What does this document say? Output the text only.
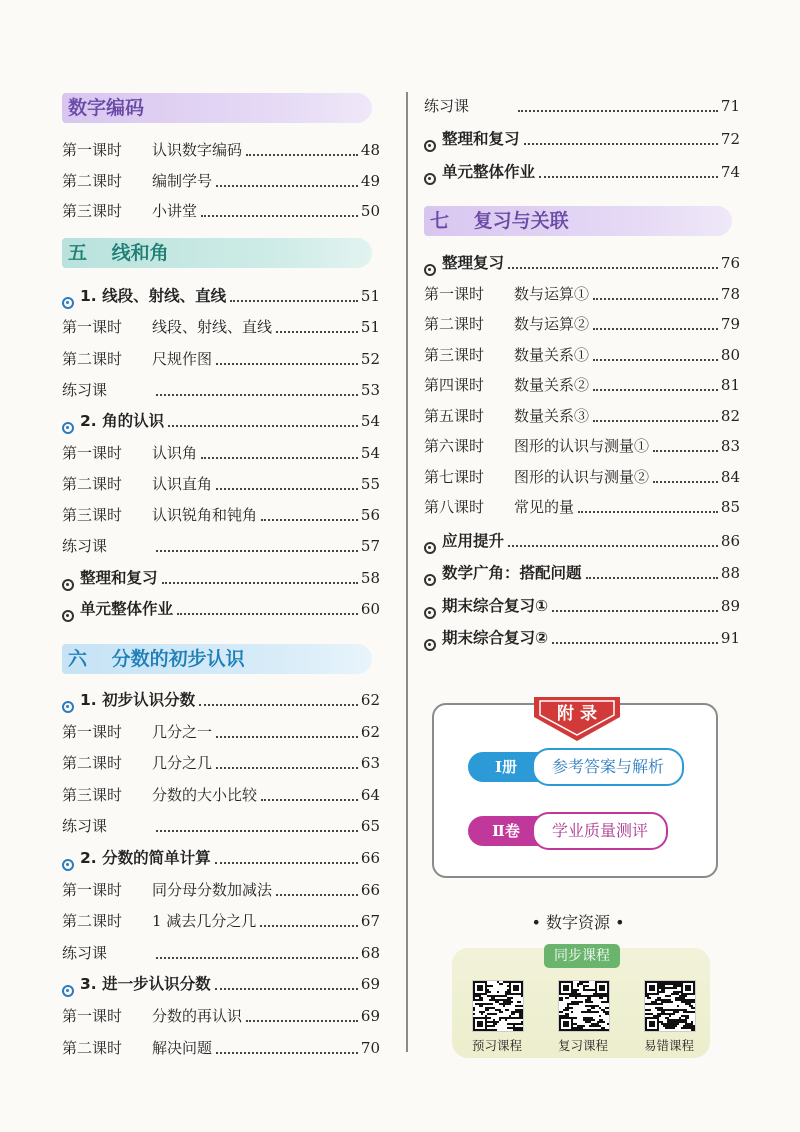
数字编码
第一课时	认识数字编码	48
第二课时	编制学号	49
第三课时	小讲堂	50
五 线和角
1. 线段、射线、直线	51
第一课时	线段、射线、直线	51
第二课时	尺规作图	52
练习课	53
2. 角的认识	54
第一课时	认识角	54
第二课时	认识直角	55
第三课时	认识锐角和钝角	56
练习课	57
整理和复习	58
单元整体作业	60
六 分数的初步认识
1. 初步认识分数	62
第一课时	几分之一	62
第二课时	几分之几	63
第三课时	分数的大小比较	64
练习课	65
2. 分数的简单计算	66
第一课时	同分母分数加减法	66
第二课时	1 减去几分之几	67
练习课	68
3. 进一步认识分数	69
第一课时	分数的再认识	69
第二课时	解决问题	70
练习课	71
整理和复习	72
单元整体作业	74
七 复习与关联
整理复习	76
第一课时	数与运算①	78
第二课时	数与运算②	79
第三课时	数量关系①	80
第四课时	数量关系②	81
第五课时	数量关系③	82
第六课时	图形的认识与测量①	83
第七课时	图形的认识与测量②	84
第八课时	常见的量	85
应用提升	86
数学广角：搭配问题	88
期末综合复习①	89
期末综合复习②	91
附 录
Ⅰ册	参考答案与解析
Ⅱ卷	学业质量测评
• 数字资源 •
同步课程
预习课程	复习课程	易错课程
